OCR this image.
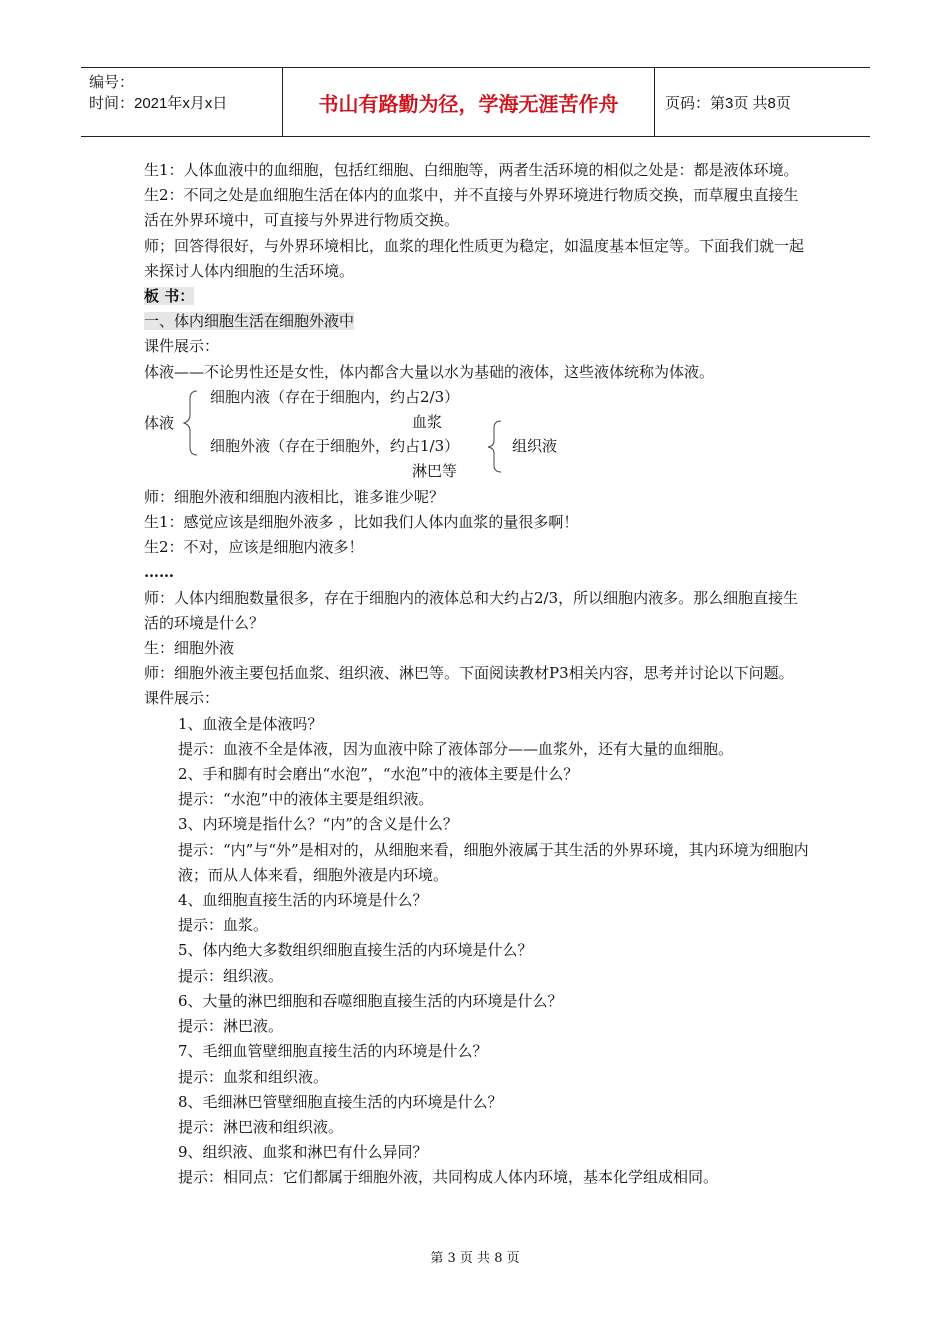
编号：
时间：2021年x月x日	书山有路勤为径，学海无涯苦作舟	页码：第3页 共8页

生1：人体血液中的血细胞，包括红细胞、白细胞等，两者生活环境的相似之处是：都是液体环境。

生2：不同之处是血细胞生活在体内的血浆中，并不直接与外界环境进行物质交换，而草履虫直接生活在外界环境中，可直接与外界进行物质交换。

师；回答得很好，与外界环境相比，血浆的理化性质更为稳定，如温度基本恒定等。下面我们就一起来探讨人体内细胞的生活环境。

板 书：

一、体内细胞生活在细胞外液中

课件展示：

体液——不论男性还是女性，体内都含大量以水为基础的液体，这些液体统称为体液。

体液
细胞内液（存在于细胞内，约占2/3）
血浆
细胞外液（存在于细胞外，约占1/3）	组织液
淋巴等

师：细胞外液和细胞内液相比，谁多谁少呢？

生1：感觉应该是细胞外液多 ，比如我们人体内血浆的量很多啊！

生2：不对，应该是细胞内液多！

……

师：人体内细胞数量很多，存在于细胞内的液体总和大约占2/3，所以细胞内液多。那么细胞直接生活的环境是什么？

生：细胞外液

师：细胞外液主要包括血浆、组织液、淋巴等。下面阅读教材P3相关内容，思考并讨论以下问题。

课件展示：

1、血液全是体液吗？

提示：血液不全是体液，因为血液中除了液体部分——血浆外，还有大量的血细胞。

2、手和脚有时会磨出“水泡”，“水泡”中的液体主要是什么？

提示：“水泡”中的液体主要是组织液。

3、内环境是指什么？“内”的含义是什么？

提示：“内”与“外”是相对的，从细胞来看，细胞外液属于其生活的外界环境，其内环境为细胞内液；而从人体来看，细胞外液是内环境。

4、血细胞直接生活的内环境是什么？

提示：血浆。

5、体内绝大多数组织细胞直接生活的内环境是什么？

提示：组织液。

6、大量的淋巴细胞和吞噬细胞直接生活的内环境是什么？

提示：淋巴液。

7、毛细血管壁细胞直接生活的内环境是什么？

提示：血浆和组织液。

8、毛细淋巴管壁细胞直接生活的内环境是什么？

提示：淋巴液和组织液。

9、组织液、血浆和淋巴有什么异同？

提示：相同点：它们都属于细胞外液，共同构成人体内环境，基本化学组成相同。

第 3 页 共 8 页
